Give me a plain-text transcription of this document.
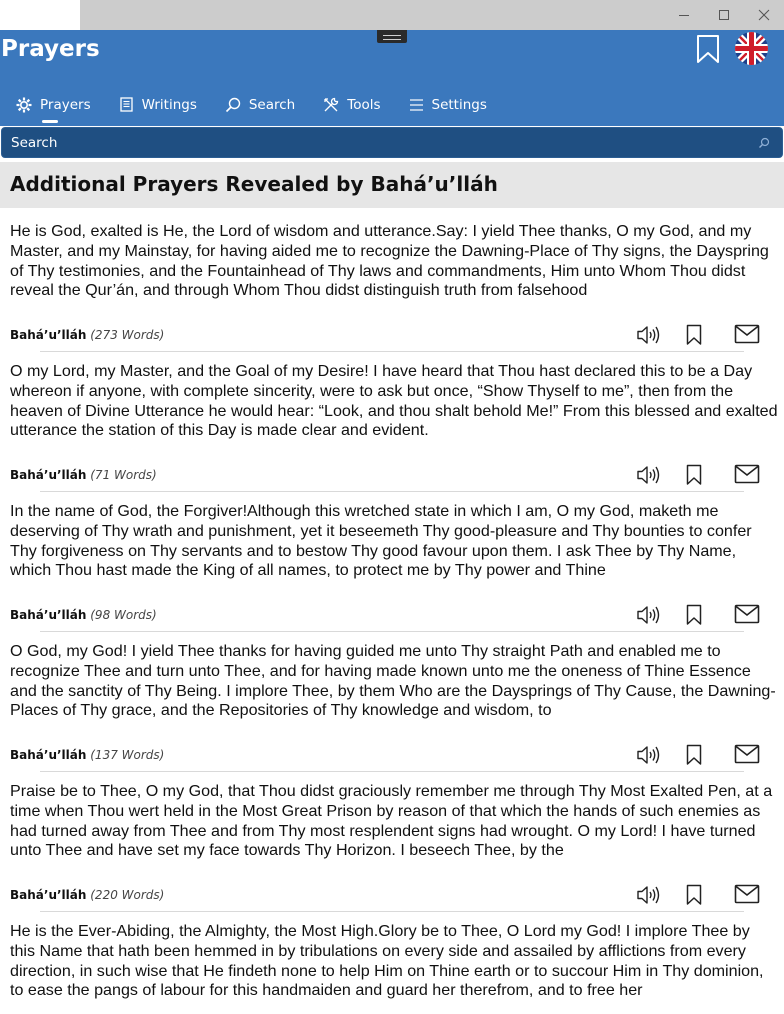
Prayers
Prayers	Writings	Search	Tools	Settings
Search
Additional Prayers Revealed by Bahá’u’lláh

He is God, exalted is He, the Lord of wisdom and utterance.Say: I yield Thee thanks, O my God, and my Master, and my Mainstay, for having aided me to recognize the Dawning-Place of Thy signs, the Dayspring of Thy testimonies, and the Fountainhead of Thy laws and commandments, Him unto Whom Thou didst reveal the Qur’án, and through Whom Thou didst distinguish truth from falsehood

Bahá’u’lláh (273 Words)

O my Lord, my Master, and the Goal of my Desire! I have heard that Thou hast declared this to be a Day whereon if anyone, with complete sincerity, were to ask but once, “Show Thyself to me”, then from the heaven of Divine Utterance he would hear: “Look, and thou shalt behold Me!” From this blessed and exalted utterance the station of this Day is made clear and evident.

Bahá’u’lláh (71 Words)

In the name of God, the Forgiver!Although this wretched state in which I am, O my God, maketh me deserving of Thy wrath and punishment, yet it beseemeth Thy good-pleasure and Thy bounties to confer Thy forgiveness on Thy servants and to bestow Thy good favour upon them. I ask Thee by Thy Name, which Thou hast made the King of all names, to protect me by Thy power and Thine

Bahá’u’lláh (98 Words)

O God, my God! I yield Thee thanks for having guided me unto Thy straight Path and enabled me to recognize Thee and turn unto Thee, and for having made known unto me the oneness of Thine Essence and the sanctity of Thy Being. I implore Thee, by them Who are the Daysprings of Thy Cause, the Dawning-Places of Thy grace, and the Repositories of Thy knowledge and wisdom, to

Bahá’u’lláh (137 Words)

Praise be to Thee, O my God, that Thou didst graciously remember me through Thy Most Exalted Pen, at a time when Thou wert held in the Most Great Prison by reason of that which the hands of such enemies as had turned away from Thee and from Thy most resplendent signs had wrought. O my Lord! I have turned unto Thee and have set my face towards Thy Horizon. I beseech Thee, by the

Bahá’u’lláh (220 Words)

He is the Ever-Abiding, the Almighty, the Most High.Glory be to Thee, O Lord my God! I implore Thee by this Name that hath been hemmed in by tribulations on every side and assailed by afflictions from every direction, in such wise that He findeth none to help Him on Thine earth or to succour Him in Thy dominion, to ease the pangs of labour for this handmaiden and guard her therefrom, and to free her
